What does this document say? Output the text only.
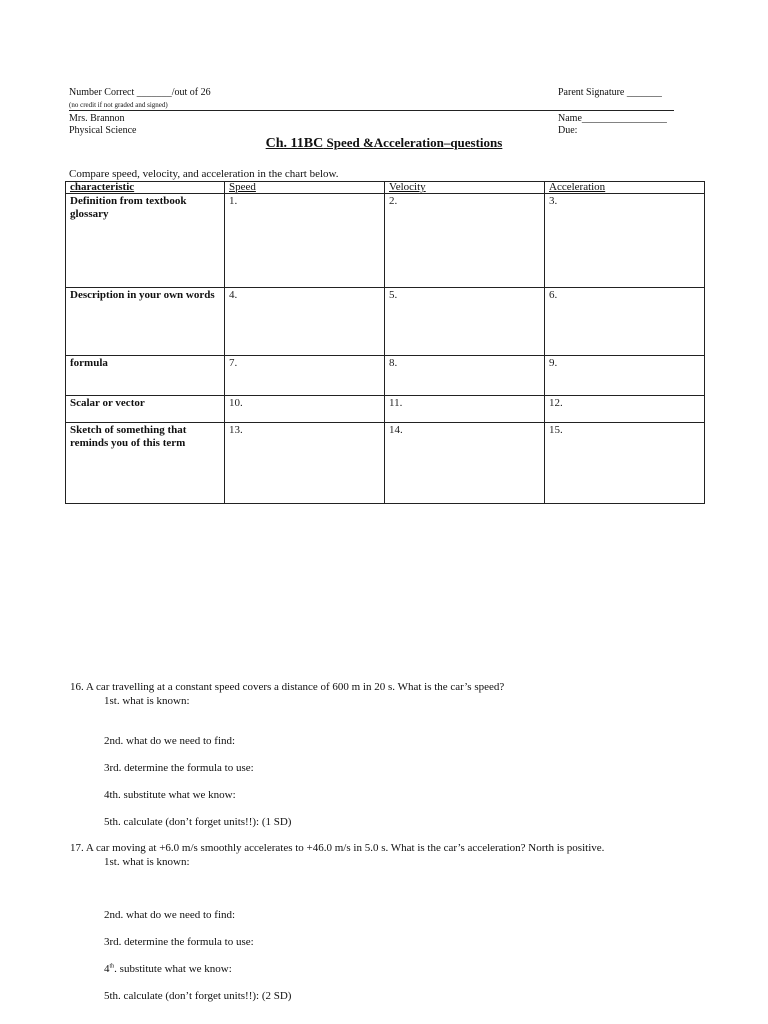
Number Correct _______/out of 26
(no credit if not graded and signed)
Parent Signature _______
Mrs. Brannon
Physical Science
Name_________________
Due:
Ch. 11BC Speed &Acceleration–questions
Compare speed, velocity, and acceleration in the chart below.
characteristic	Speed	Velocity	Acceleration
Definition from textbook glossary	1.	2.	3.
Description in your own words	4.	5.	6.
formula	7.	8.	9.
Scalar or vector	10.	11.	12.
Sketch of something that reminds you of this term	13.	14.	15.
16. A car travelling at a constant speed covers a distance of 600 m in 20 s. What is the car’s speed?
1st. what is known:
2nd. what do we need to find:
3rd. determine the formula to use:
4th. substitute what we know:
5th. calculate (don’t forget units!!): (1 SD)
17. A car moving at +6.0 m/s smoothly accelerates to +46.0 m/s in 5.0 s. What is the car’s acceleration? North is positive.
1st. what is known:
2nd. what do we need to find:
3rd. determine the formula to use:
4th. substitute what we know:
5th. calculate (don’t forget units!!): (2 SD)
